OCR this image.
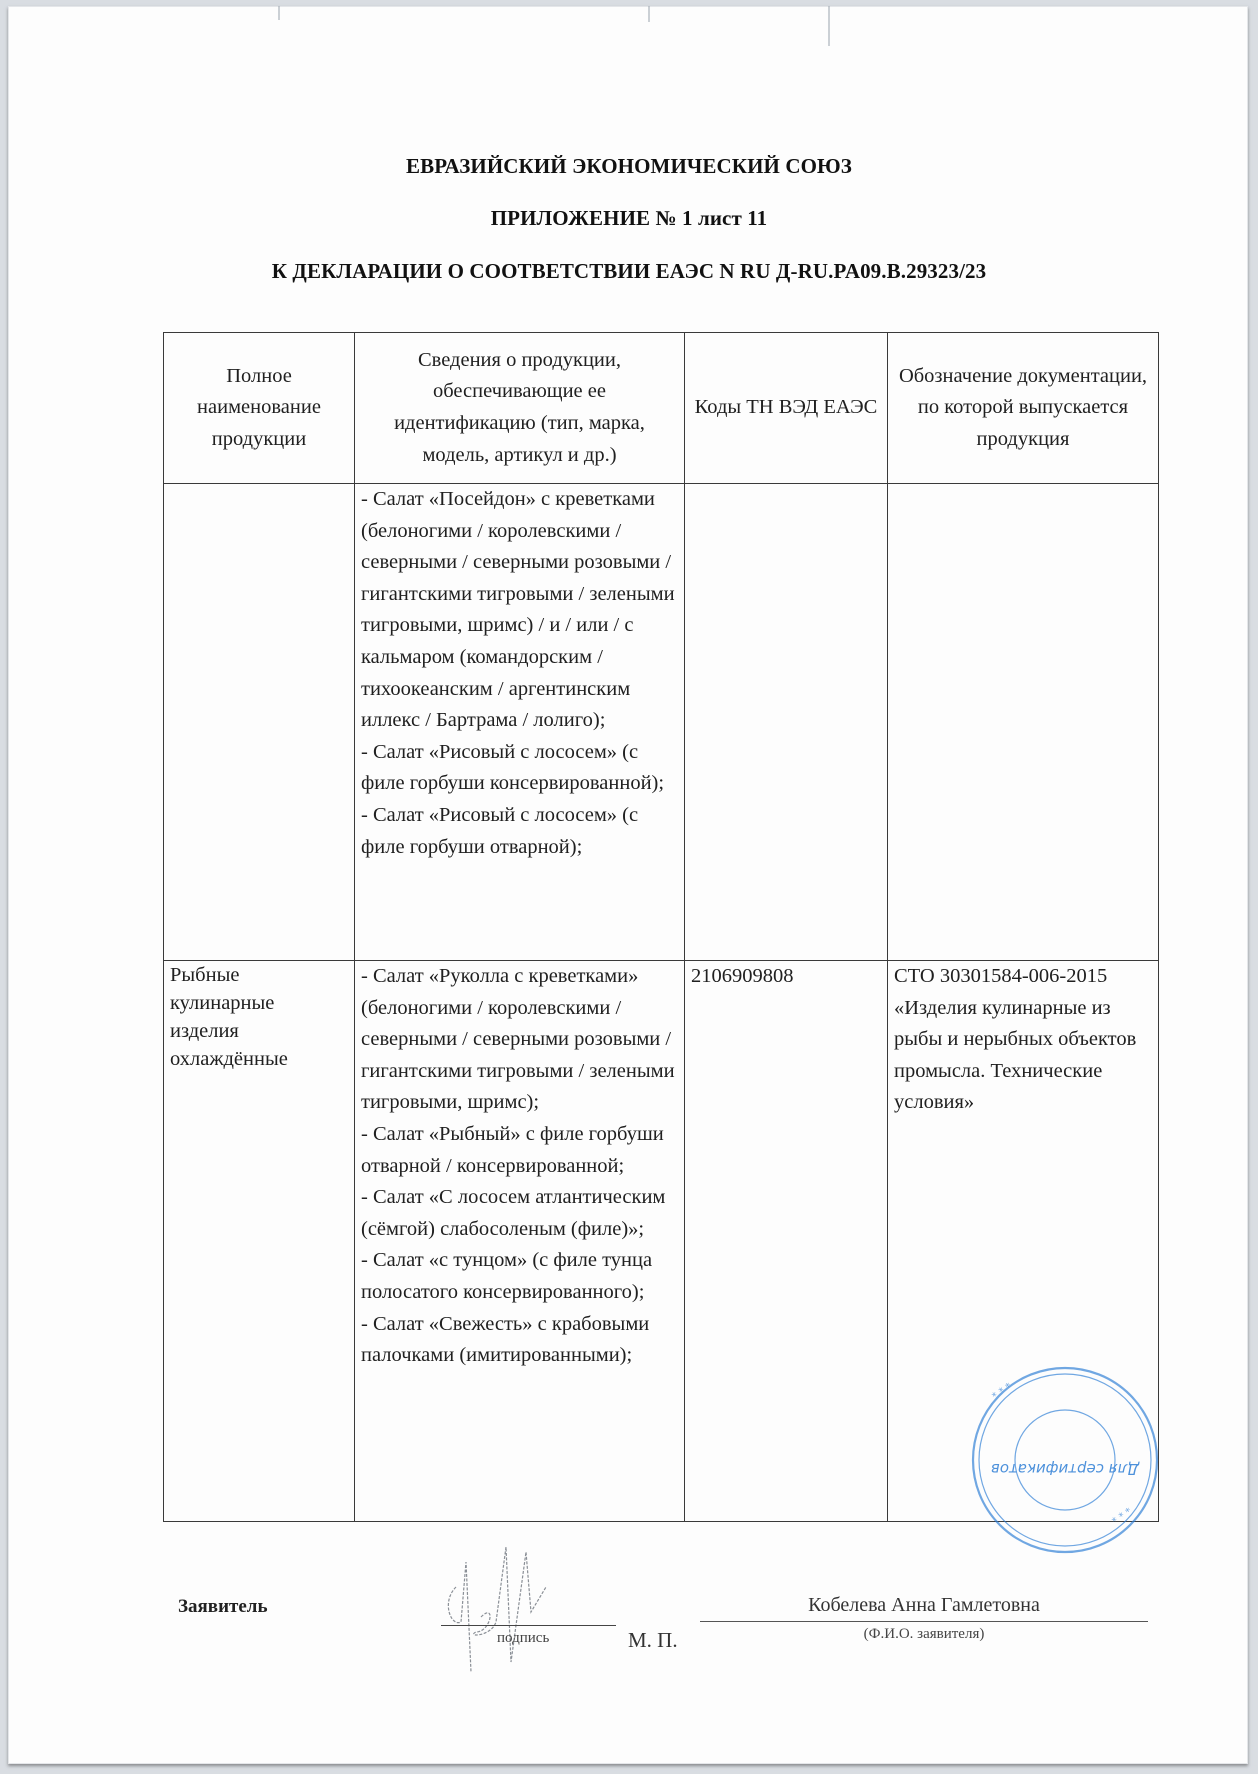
ЕВРАЗИЙСКИЙ ЭКОНОМИЧЕСКИЙ СОЮЗ
ПРИЛОЖЕНИЕ № 1 лист 11
К ДЕКЛАРАЦИИ О СООТВЕТСТВИИ ЕАЭС N RU Д-RU.PA09.B.29323/23
Полное наименование продукции	Сведения о продукции, обеспечивающие ее идентификацию (тип, марка, модель, артикул и др.)	Коды ТН ВЭД ЕАЭС	Обозначение документации, по которой выпускается продукция

	- Салат «Посейдон» с креветками (белоногими / королевскими / северными / северными розовыми / гигантскими тигровыми / зелеными тигровыми, шримс) / и / или / с кальмаром (командорским / тихоокеанским / аргентинским иллекс / Бартрама / лолиго);
- Салат «Рисовый с лососем» (с филе горбуши консервированной);
- Салат «Рисовый с лососем» (с филе горбуши отварной);		

Рыбные кулинарные изделия охлаждённые	- Салат «Руколла с креветками» (белоногими / королевскими / северными / северными розовыми / гигантскими тигровыми / зелеными тигровыми, шримс);
- Салат «Рыбный» с филе горбуши отварной / консервированной;
- Салат «С лососем атлантическим (сёмгой) слабосоленым (филе)»;
- Салат «с тунцом» (с филе тунца полосатого консервированного);
- Салат «Свежесть» с крабовыми палочками (имитированными);	2106909808	СТО 30301584-006-2015 «Изделия кулинарные из рыбы и нерыбных объектов промысла. Технические условия»
Для сертификатов
* * *
* * *
Заявитель
подпись	М. П.
Кобелева Анна Гамлетовна
(Ф.И.О. заявителя)
